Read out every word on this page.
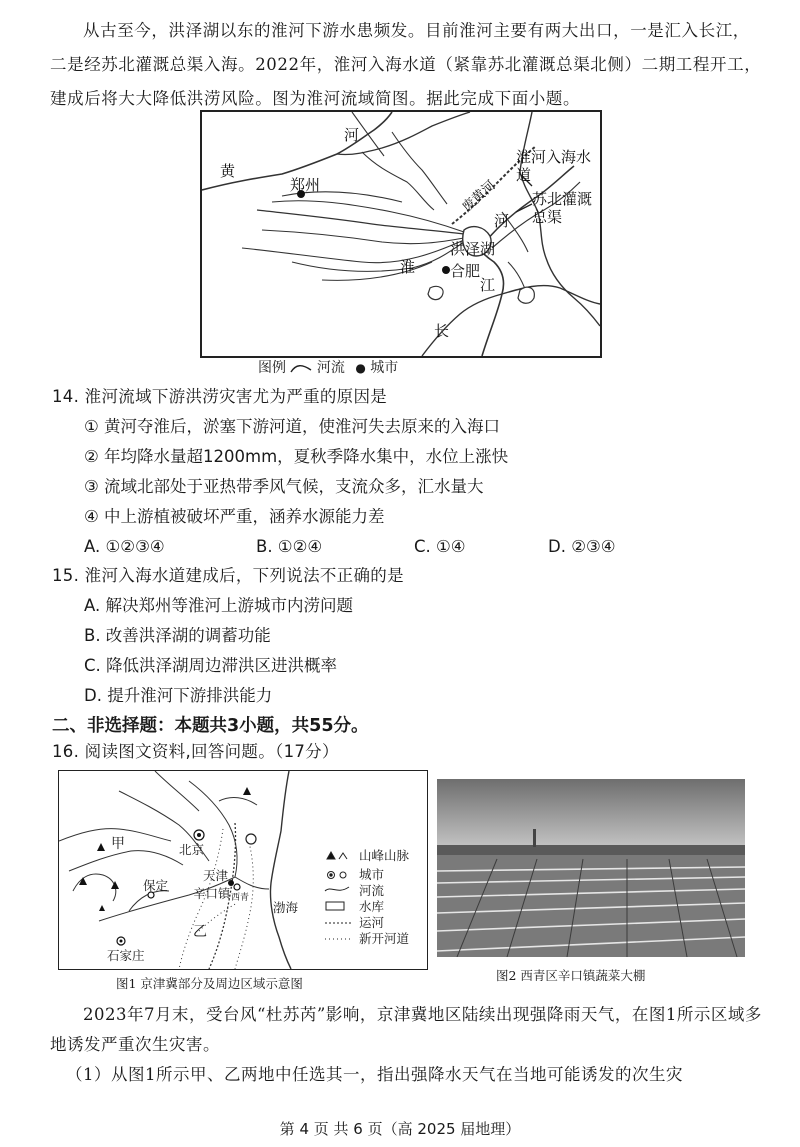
从古至今，洪泽湖以东的淮河下游水患频发。目前淮河主要有两大出口，一是汇入长江，二是经苏北灌溉总渠入海。2022年，淮河入海水道（紧靠苏北灌溉总渠北侧）二期工程开工，建成后将大大降低洪涝风险。图为淮河流域简图。据此完成下面小题。
黄
河
郑州
淮
河
合肥
江
长
洪泽湖
废黄河
淮河入海水道
苏北灌溉总渠
图例 河流 ● 城市
14. 淮河流域下游洪涝灾害尤为严重的原因是
① 黄河夺淮后，淤塞下游河道，使淮河失去原来的入海口
② 年均降水量超1200mm，夏秋季降水集中，水位上涨快
③ 流域北部处于亚热带季风气候，支流众多，汇水量大
④ 中上游植被破坏严重，涵养水源能力差
A. ①②③④	B. ①②④	C. ①④	D. ②③④
15. 淮河入海水道建成后，下列说法不正确的是
A. 解决郑州等淮河上游城市内涝问题
B. 改善洪泽湖的调蓄功能
C. 降低洪泽湖周边滞洪区进洪概率
D. 提升淮河下游排洪能力
二、非选择题：本题共3小题，共55分。
16. 阅读图文资料,回答问题。（17分）
甲
乙
北京
保定
天津
辛口镇 西青
渤海
石家庄
山峰山脉
城市
河流
水库
运河
新开河道
图1 京津冀部分及周边区域示意图
图2 西青区辛口镇蔬菜大棚
2023年7月末，受台风“杜苏芮”影响，京津冀地区陆续出现强降雨天气，在图1所示区域多地诱发严重次生灾害。
（1）从图1所示甲、乙两地中任选其一，指出强降水天气在当地可能诱发的次生灾
第 4 页 共 6 页（高 2025 届地理）
